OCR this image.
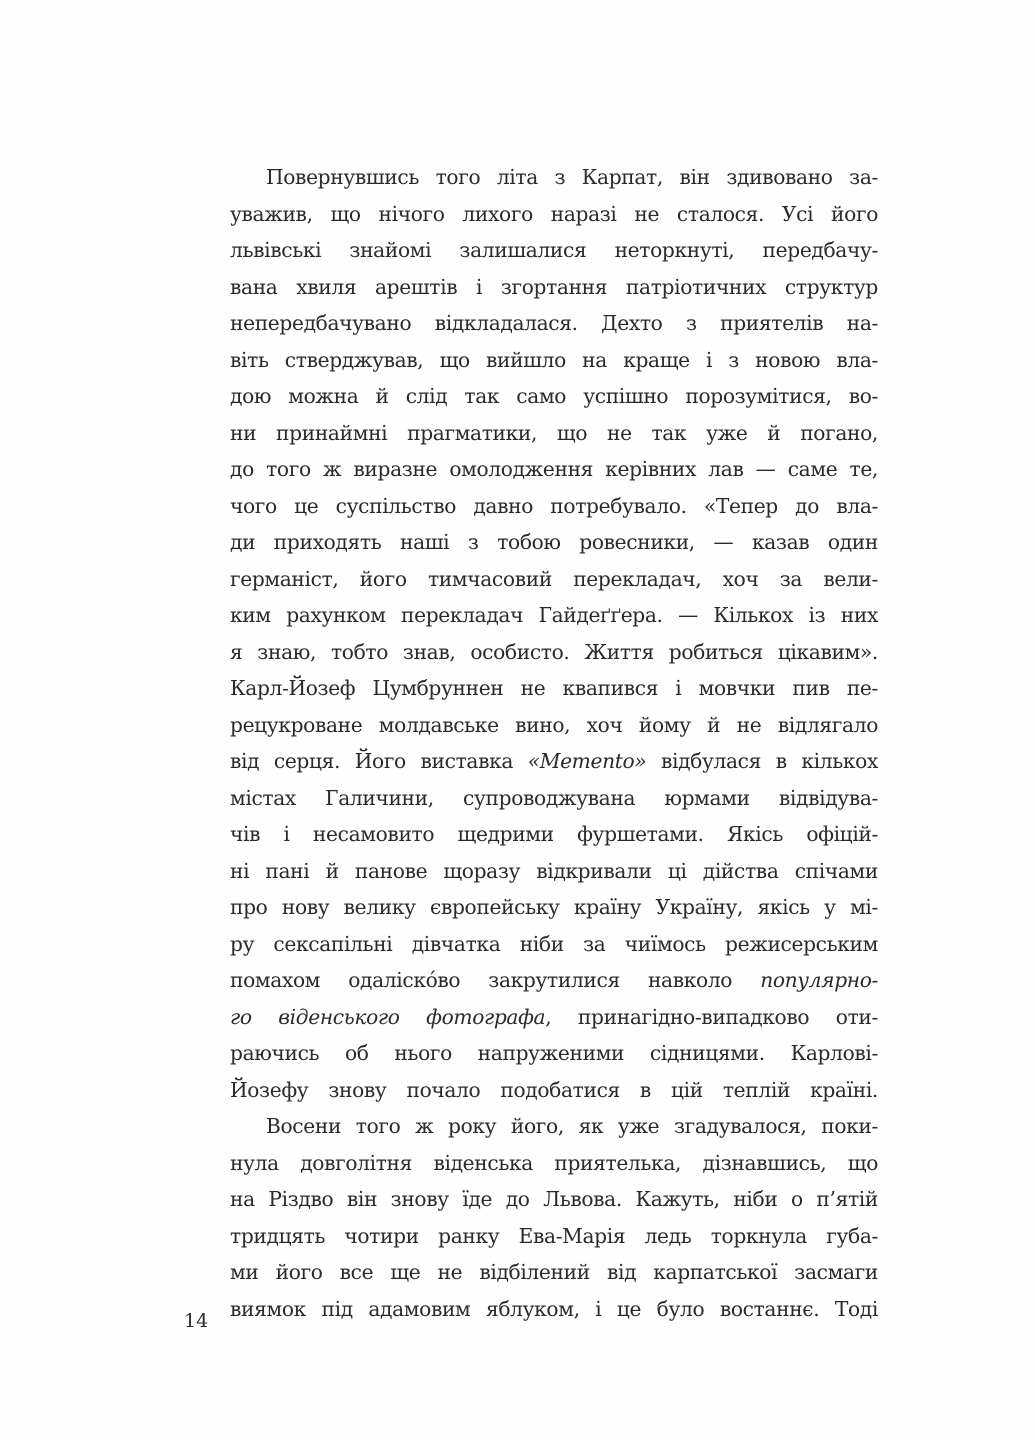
Повернувшись того літа з Карпат, він здивовано за-
уважив, що нічого лихого наразі не сталося. Усі його
львівські знайомі залишалися неторкнуті, передбачу-
вана хвиля арештів і згортання патріотичних структур
непередбачувано відкладалася. Дехто з приятелів на-
віть стверджував, що вийшло на краще і з новою вла-
дою можна й слід так само успішно порозумітися, во-
ни принаймні прагматики, що не так уже й погано,
до того ж виразне омолодження керівних лав — саме те,
чого це суспільство давно потребувало. «Тепер до вла-
ди приходять наші з тобою ровесники, — казав один
германіст, його тимчасовий перекладач, хоч за вели-
ким рахунком перекладач Гайдеґґера. — Кількох із них
я знаю, тобто знав, особисто. Життя робиться цікавим».
Карл-Йозеф Цумбруннен не квапився і мовчки пив пе-
рецукроване молдавське вино, хоч йому й не відлягало
від серця. Його виставка «Memento» відбулася в кількох
містах Галичини, супроводжувана юрмами відвідува-
чів і несамовито щедрими фуршетами. Якісь офіцій-
ні пані й панове щоразу відкривали ці дійства спічами
про нову велику європейську країну Україну, якісь у мі-
ру сексапільні дівчатка ніби за чиїмось режисерським
помахом одаліскóво закрутилися навколо популярно-
го віденського фотографа, принагідно-випадково оти-
раючись об нього напруженими сідницями. Карлові-
Йозефу знову почало подобатися в цій теплій країні.
Восени того ж року його, як уже згадувалося, поки-
нула довголітня віденська приятелька, дізнавшись, що
на Різдво він знову їде до Львова. Кажуть, ніби о п’ятій
тридцять чотири ранку Ева-Марія ледь торкнула губа-
ми його все ще не відбілений від карпатської засмаги
виямок під адамовим яблуком, і це було востаннє. Тоді
14
